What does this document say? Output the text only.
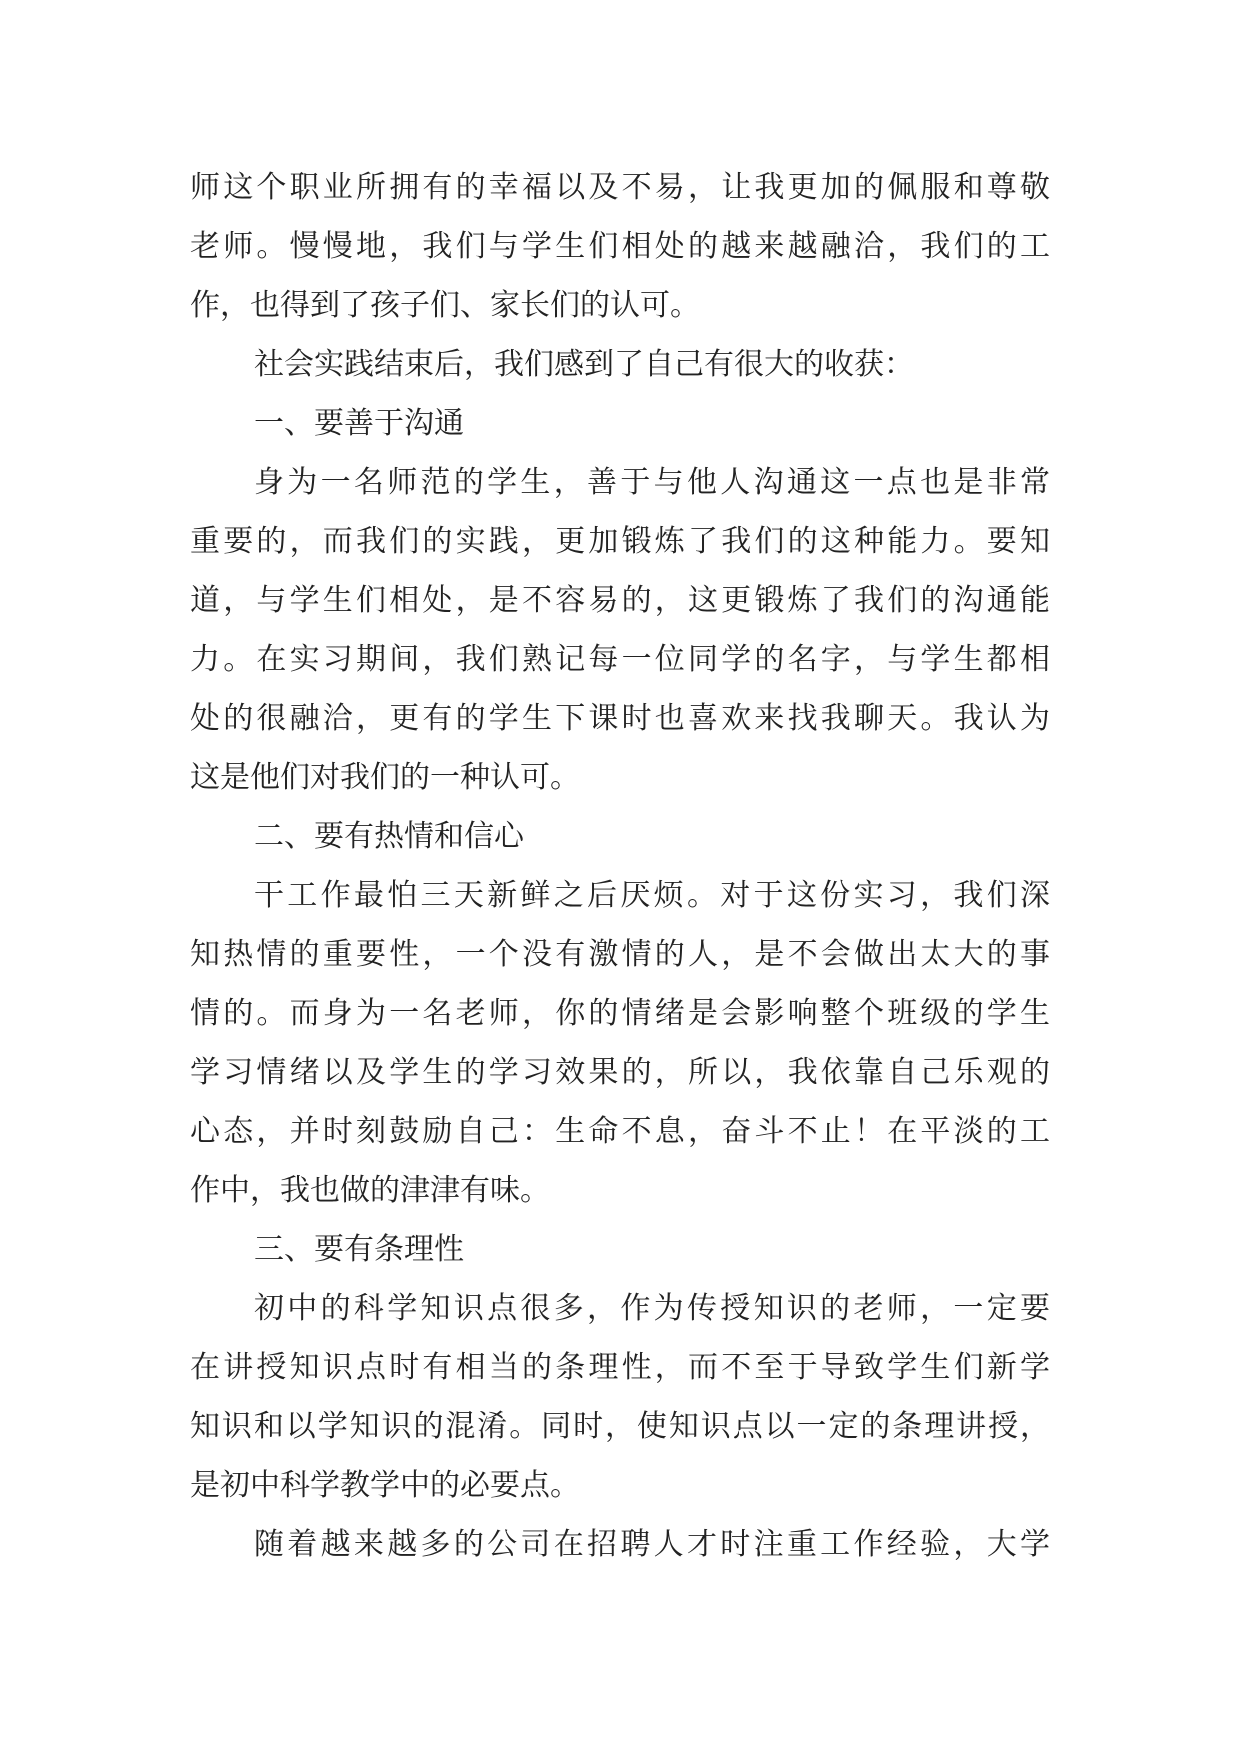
师这个职业所拥有的幸福以及不易，让我更加的佩服和尊敬
老师。慢慢地，我们与学生们相处的越来越融洽，我们的工
作，也得到了孩子们、家长们的认可。
社会实践结束后，我们感到了自己有很大的收获：
一、要善于沟通
身为一名师范的学生，善于与他人沟通这一点也是非常
重要的，而我们的实践，更加锻炼了我们的这种能力。要知
道，与学生们相处，是不容易的，这更锻炼了我们的沟通能
力。在实习期间，我们熟记每一位同学的名字，与学生都相
处的很融洽，更有的学生下课时也喜欢来找我聊天。我认为
这是他们对我们的一种认可。
二、要有热情和信心
干工作最怕三天新鲜之后厌烦。对于这份实习，我们深
知热情的重要性，一个没有激情的人，是不会做出太大的事
情的。而身为一名老师，你的情绪是会影响整个班级的学生
学习情绪以及学生的学习效果的，所以，我依靠自己乐观的
心态，并时刻鼓励自己：生命不息，奋斗不止！在平淡的工
作中，我也做的津津有味。
三、要有条理性
初中的科学知识点很多，作为传授知识的老师，一定要
在讲授知识点时有相当的条理性，而不至于导致学生们新学
知识和以学知识的混淆。同时，使知识点以一定的条理讲授，
是初中科学教学中的必要点。
随着越来越多的公司在招聘人才时注重工作经验，大学
